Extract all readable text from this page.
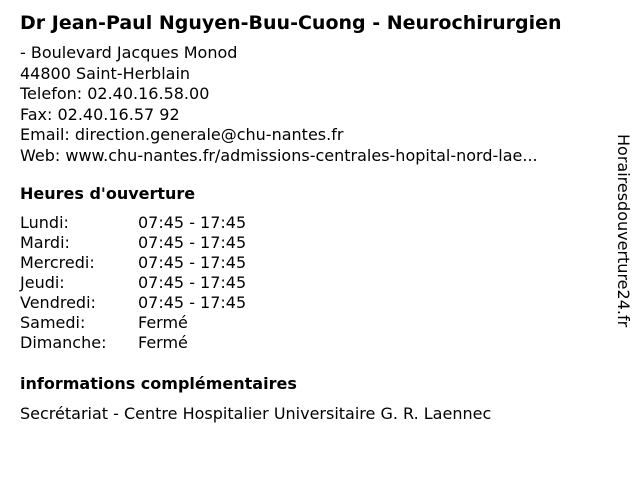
Dr Jean-Paul Nguyen-Buu-Cuong - Neurochirurgien
- Boulevard Jacques Monod
44800 Saint-Herblain
Telefon: 02.40.16.58.00
Fax: 02.40.16.57 92
Email: direction.generale@chu-nantes.fr
Web: www.chu-nantes.fr/admissions-centrales-hopital-nord-lae...
Heures d'ouverture
Lundi:	07:45 - 17:45
Mardi:	07:45 - 17:45
Mercredi:	07:45 - 17:45
Jeudi:	07:45 - 17:45
Vendredi:	07:45 - 17:45
Samedi:	Fermé
Dimanche:	Fermé
informations complémentaires
Secrétariat - Centre Hospitalier Universitaire G. R. Laennec
Horairesdouverture24.fr
